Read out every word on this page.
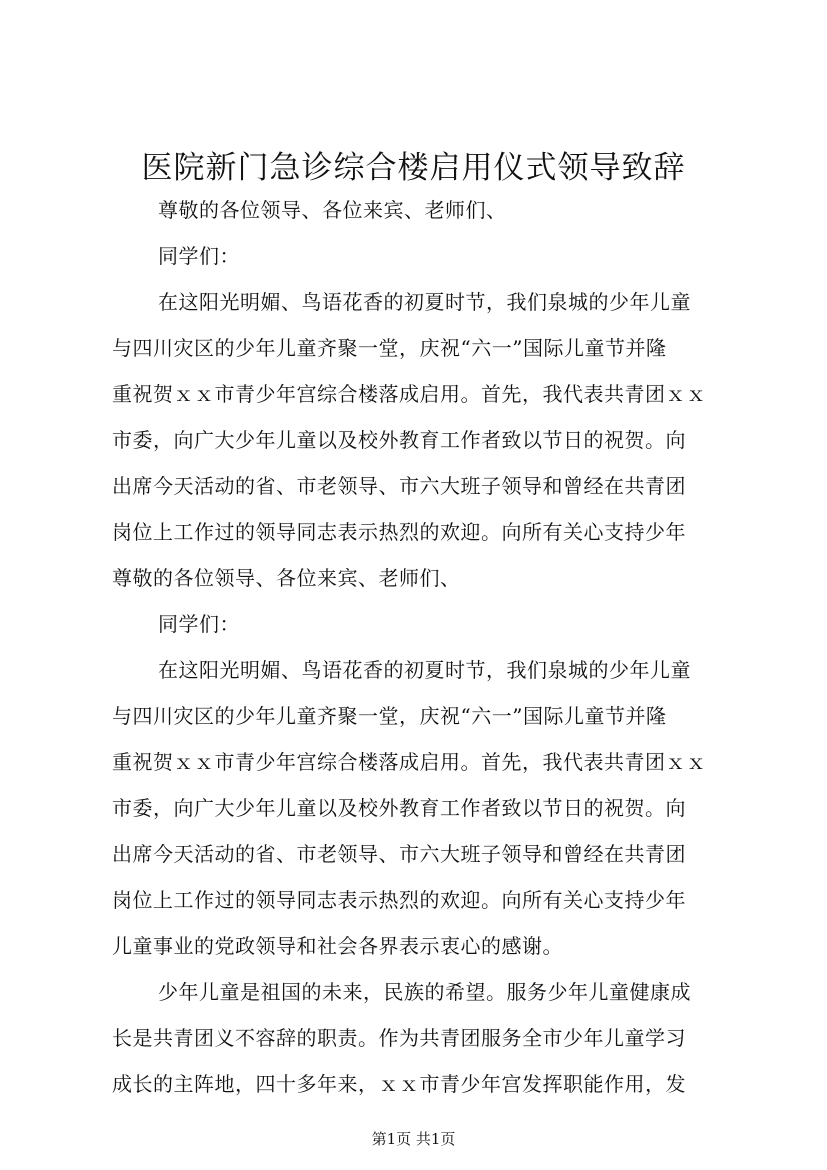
医院新门急诊综合楼启用仪式领导致辞
尊敬的各位领导、各位来宾、老师们、
同学们：
在这阳光明媚、鸟语花香的初夏时节，我们泉城的少年儿童
与四川灾区的少年儿童齐聚一堂，庆祝“六一”国际儿童节并隆
重祝贺ｘｘ市青少年宫综合楼落成启用。首先，我代表共青团ｘｘ
市委，向广大少年儿童以及校外教育工作者致以节日的祝贺。向
出席今天活动的省、市老领导、市六大班子领导和曾经在共青团
岗位上工作过的领导同志表示热烈的欢迎。向所有关心支持少年
尊敬的各位领导、各位来宾、老师们、
同学们：
在这阳光明媚、鸟语花香的初夏时节，我们泉城的少年儿童
与四川灾区的少年儿童齐聚一堂，庆祝“六一”国际儿童节并隆
重祝贺ｘｘ市青少年宫综合楼落成启用。首先，我代表共青团ｘｘ
市委，向广大少年儿童以及校外教育工作者致以节日的祝贺。向
出席今天活动的省、市老领导、市六大班子领导和曾经在共青团
岗位上工作过的领导同志表示热烈的欢迎。向所有关心支持少年
儿童事业的党政领导和社会各界表示衷心的感谢。
少年儿童是祖国的未来，民族的希望。服务少年儿童健康成
长是共青团义不容辞的职责。作为共青团服务全市少年儿童学习
成长的主阵地，四十多年来，ｘｘ市青少年宫发挥职能作用，发
第1页 共1页
